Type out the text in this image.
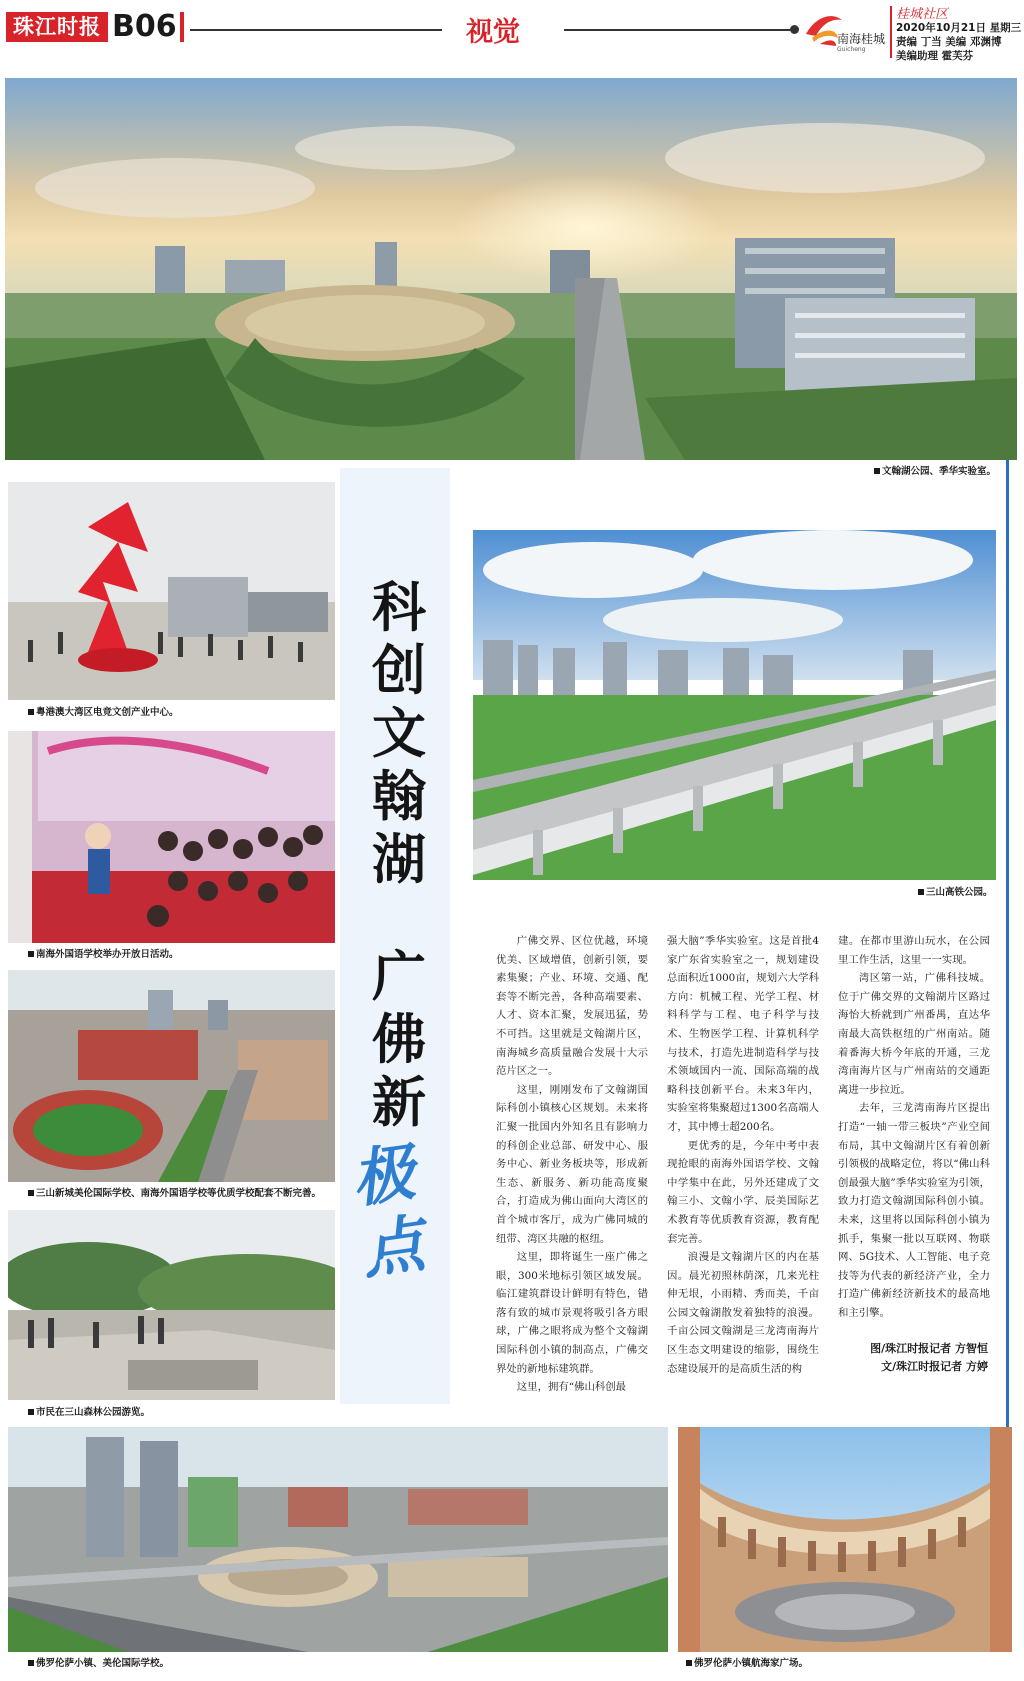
珠江时报 B06	视觉	南海桂城
Guicheng
桂城社区
2020年10月21日 星期三
责编 丁当 美编 邓渊博
美编助理 霍芙芬
文翰湖公园、季华实验室。
粤港澳大湾区电竞文创产业中心。
南海外国语学校举办开放日活动。
三山新城美伦国际学校、南海外国语学校等优质学校配套不断完善。
市民在三山森林公园游览。
科创文翰湖
广佛新
极点
三山高铁公园。

广佛交界、区位优越，环境优美、区域增值，创新引领，要素集聚；产业、环境、交通、配套等不断完善，各种高端要素、人才、资本汇聚，发展迅猛，势不可挡。这里就是文翰湖片区，南海城乡高质量融合发展十大示范片区之一。

这里，刚刚发布了文翰湖国际科创小镇核心区规划。未来将汇聚一批国内外知名且有影响力的科创企业总部、研发中心、服务中心、新业务板块等，形成新生态、新服务、新功能高度聚合，打造成为佛山面向大湾区的首个城市客厅，成为广佛同城的纽带、湾区共融的枢纽。

这里，即将诞生一座广佛之眼，300米地标引领区域发展。临江建筑群设计鲜明有特色，错落有致的城市景观将吸引各方眼球，广佛之眼将成为整个文翰湖国际科创小镇的制高点，广佛交界处的新地标建筑群。

这里，拥有“佛山科创最

强大脑”季华实验室。这是首批4家广东省实验室之一，规划建设总面积近1000亩，规划六大学科方向：机械工程、光学工程、材料科学与工程、电子科学与技术、生物医学工程、计算机科学与技术，打造先进制造科学与技术领域国内一流、国际高端的战略科技创新平台。未来3年内，实验室将集聚超过1300名高端人才，其中博士超200名。

更优秀的是，今年中考中表现抢眼的南海外国语学校、文翰中学集中在此，另外还建成了文翰三小、文翰小学、辰美国际艺术教育等优质教育资源，教育配套完善。

浪漫是文翰湖片区的内在基因。晨光初照林荫深，几来光柱伸无垠，小雨精、秀而美，千亩公园文翰湖散发着独特的浪漫。千亩公园文翰湖是三龙湾南海片区生态文明建设的缩影，围绕生态建设展开的是高质生活的构

建。在都市里游山玩水，在公园里工作生活，这里一一实现。

湾区第一站，广佛科技城。位于广佛交界的文翰湖片区路过海怡大桥就到广州番禺，直达华南最大高铁枢纽的广州南站。随着番海大桥今年底的开通，三龙湾南海片区与广州南站的交通距离进一步拉近。

去年，三龙湾南海片区提出打造“一轴一带三板块”产业空间布局，其中文翰湖片区有着创新引领极的战略定位，将以“佛山科创最强大脑”季华实验室为引领，致力打造文翰湖国际科创小镇。未来，这里将以国际科创小镇为抓手，集聚一批以互联网、物联网、5G技术、人工智能、电子竞技等为代表的新经济产业，全力打造广佛新经济新技术的最高地和主引擎。

图/珠江时报记者 方智恒
文/珠江时报记者 方婷
佛罗伦萨小镇、美伦国际学校。	佛罗伦萨小镇航海家广场。
